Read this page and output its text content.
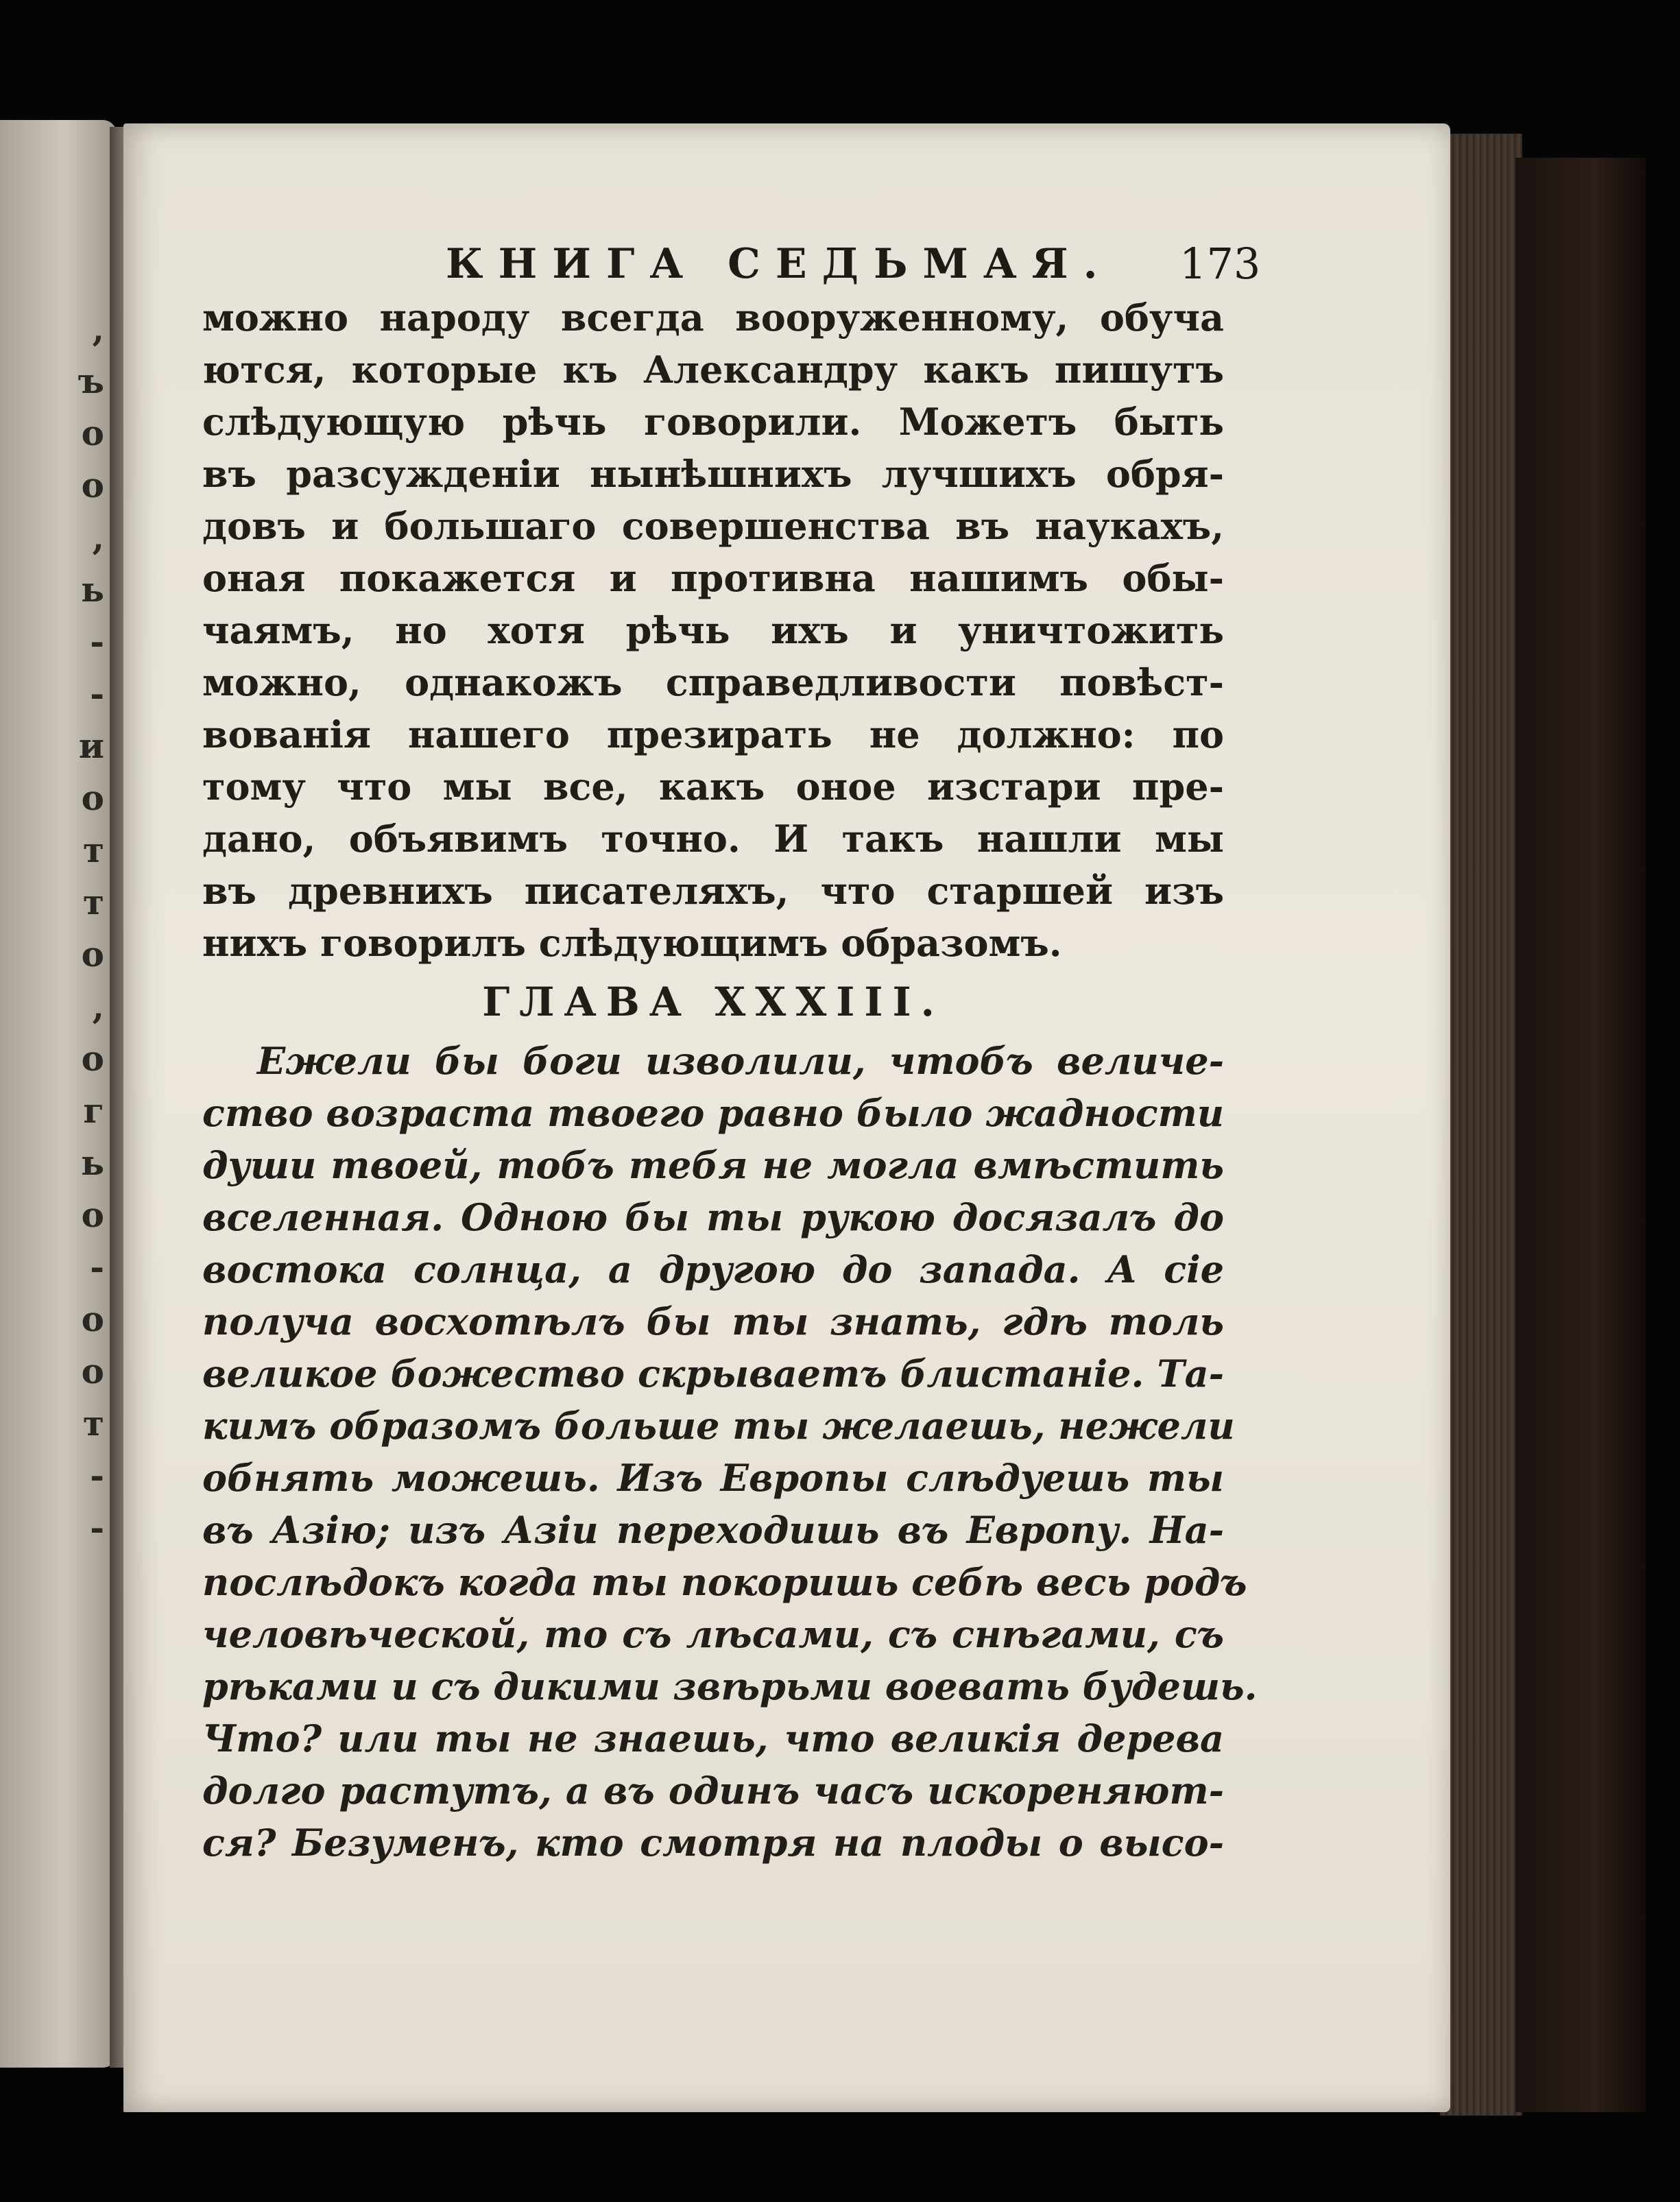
,
ъ
о
о
,
ь
-
-
и
о
т
т
о
,
о
г
ь
о
-
о
о
т
-
-
КНИГА СЕДЬМАЯ. 173
можно народу всегда вооруженному, обуча
ются, которые къ Александру какъ пишутъ
слѣдующую рѣчь говорили. Можетъ быть
въ разсужденіи нынѣшнихъ лучшихъ обря-
довъ и большаго совершенства въ наукахъ,
оная покажется и противна нашимъ обы-
чаямъ, но хотя рѣчь ихъ и уничтожить
можно, однакожъ справедливости повѣст-
вованія нашего презирать не должно: по
тому что мы все, какъ оное изстари пре-
дано, объявимъ точно. И такъ нашли мы
въ древнихъ писателяхъ, что старшей изъ
нихъ говорилъ слѣдующимъ образомъ.
ГЛАВА XXXIII.
Ежели бы боги изволили, чтобъ величе-
ство возраста твоего равно было жадности
души твоей, тобъ тебя не могла вмѣстить
вселенная. Одною бы ты рукою досязалъ до
востока солнца, а другою до запада. А сіе
получа восхотѣлъ бы ты знать, гдѣ толь
великое божество скрываетъ блистаніе. Та-
кимъ образомъ больше ты желаешь, нежели
обнять можешь. Изъ Европы слѣдуешь ты
въ Азію; изъ Азіи переходишь въ Европу. На-
послѣдокъ когда ты покоришь себѣ весь родъ
человѣческой, то съ лѣсами, съ снѣгами, съ
рѣками и съ дикими звѣрьми воевать будешь.
Что? или ты не знаешь, что великія дерева
долго растутъ, а въ одинъ часъ искореняют-
ся? Безуменъ, кто смотря на плоды о высо-
